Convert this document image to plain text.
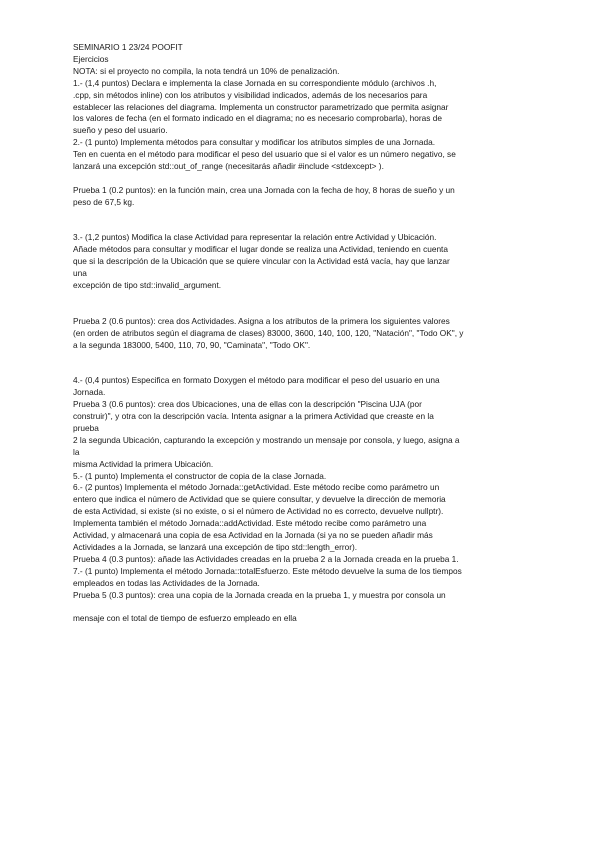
SEMINARIO 1 23/24 POOFIT
Ejercicios
NOTA: si el proyecto no compila, la nota tendrá un 10% de penalización.
1.- (1,4 puntos) Declara e implementa la clase Jornada en su correspondiente módulo (archivos .h,
.cpp, sin métodos inline) con los atributos y visibilidad indicados, además de los necesarios para
establecer las relaciones del diagrama. Implementa un constructor parametrizado que permita asignar
los valores de fecha (en el formato indicado en el diagrama; no es necesario comprobarla), horas de
sueño y peso del usuario.
2.- (1 punto) Implementa métodos para consultar y modificar los atributos simples de una Jornada.
Ten en cuenta en el método para modificar el peso del usuario que si el valor es un número negativo, se
lanzará una excepción std::out_of_range (necesitarás añadir #include <stdexcept> ).
Prueba 1 (0.2 puntos): en la función main, crea una Jornada con la fecha de hoy, 8 horas de sueño y un
peso de 67,5 kg.
3.- (1,2 puntos) Modifica la clase Actividad para representar la relación entre Actividad y Ubicación.
Añade métodos para consultar y modificar el lugar donde se realiza una Actividad, teniendo en cuenta
que si la descripción de la Ubicación que se quiere vincular con la Actividad está vacía, hay que lanzar
una
excepción de tipo std::invalid_argument.
Prueba 2 (0.6 puntos): crea dos Actividades. Asigna a los atributos de la primera los siguientes valores
(en orden de atributos según el diagrama de clases) 83000, 3600, 140, 100, 120, "Natación", "Todo OK", y
a la segunda 183000, 5400, 110, 70, 90, "Caminata", "Todo OK".
4.- (0,4 puntos) Especifica en formato Doxygen el método para modificar el peso del usuario en una
Jornada.
Prueba 3 (0.6 puntos): crea dos Ubicaciones, una de ellas con la descripción "Piscina UJA (por
construir)", y otra con la descripción vacía. Intenta asignar a la primera Actividad que creaste en la
prueba
2 la segunda Ubicación, capturando la excepción y mostrando un mensaje por consola, y luego, asigna a
la
misma Actividad la primera Ubicación.
5.- (1 punto) Implementa el constructor de copia de la clase Jornada.
6.- (2 puntos) Implementa el método Jornada::getActividad. Este método recibe como parámetro un
entero que indica el número de Actividad que se quiere consultar, y devuelve la dirección de memoria
de esta Actividad, si existe (si no existe, o si el número de Actividad no es correcto, devuelve nullptr).
Implementa también el método Jornada::addActividad. Este método recibe como parámetro una
Actividad, y almacenará una copia de esa Actividad en la Jornada (si ya no se pueden añadir más
Actividades a la Jornada, se lanzará una excepción de tipo std::length_error).
Prueba 4 (0.3 puntos): añade las Actividades creadas en la prueba 2 a la Jornada creada en la prueba 1.
7.- (1 punto) Implementa el método Jornada::totalEsfuerzo. Este método devuelve la suma de los tiempos
empleados en todas las Actividades de la Jornada.
Prueba 5 (0.3 puntos): crea una copia de la Jornada creada en la prueba 1, y muestra por consola un
mensaje con el total de tiempo de esfuerzo empleado en ella
